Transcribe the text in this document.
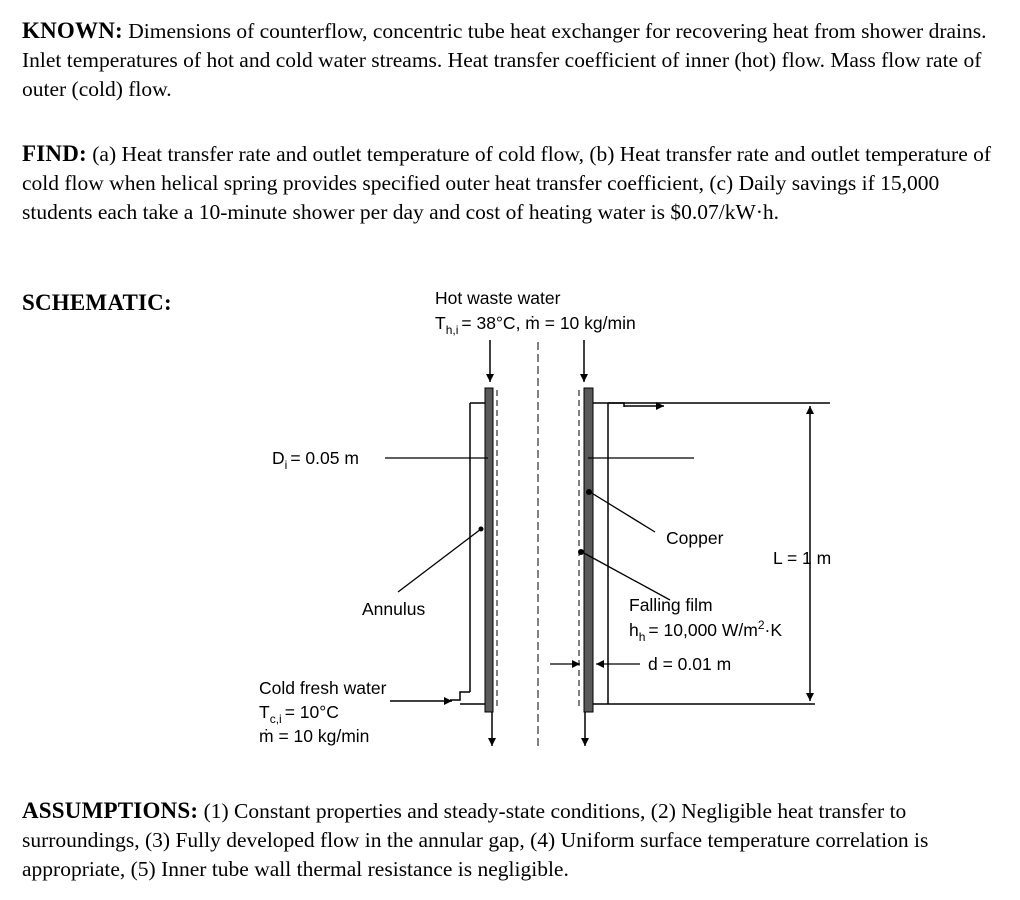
KNOWN: Dimensions of counterflow, concentric tube heat exchanger for recovering heat from shower drains. Inlet temperatures of hot and cold water streams. Heat transfer coefficient of inner (hot) flow. Mass flow rate of outer (cold) flow.
FIND: (a) Heat transfer rate and outlet temperature of cold flow, (b) Heat transfer rate and outlet temperature of cold flow when helical spring provides specified outer heat transfer coefficient, (c) Daily savings if 15,000 students each take a 10-minute shower per day and cost of heating water is $0.07/kW·h.
SCHEMATIC:	Hot waste water
$T_{h,i} = 38^\circ C$, ṁ = 10 kg/min
L = 1 m
$D_i = 0.05$ m
Copper
Annulus	Falling film
$h_h = 10,000$ $W/m^2\cdot K$
d = 0.01 m
Cold fresh water
$T_{c,i} = 10^\circ C$
ṁ = 10 kg/min
ASSUMPTIONS: (1) Constant properties and steady-state conditions, (2) Negligible heat transfer to surroundings, (3) Fully developed flow in the annular gap, (4) Uniform surface temperature correlation is appropriate, (5) Inner tube wall thermal resistance is negligible.
